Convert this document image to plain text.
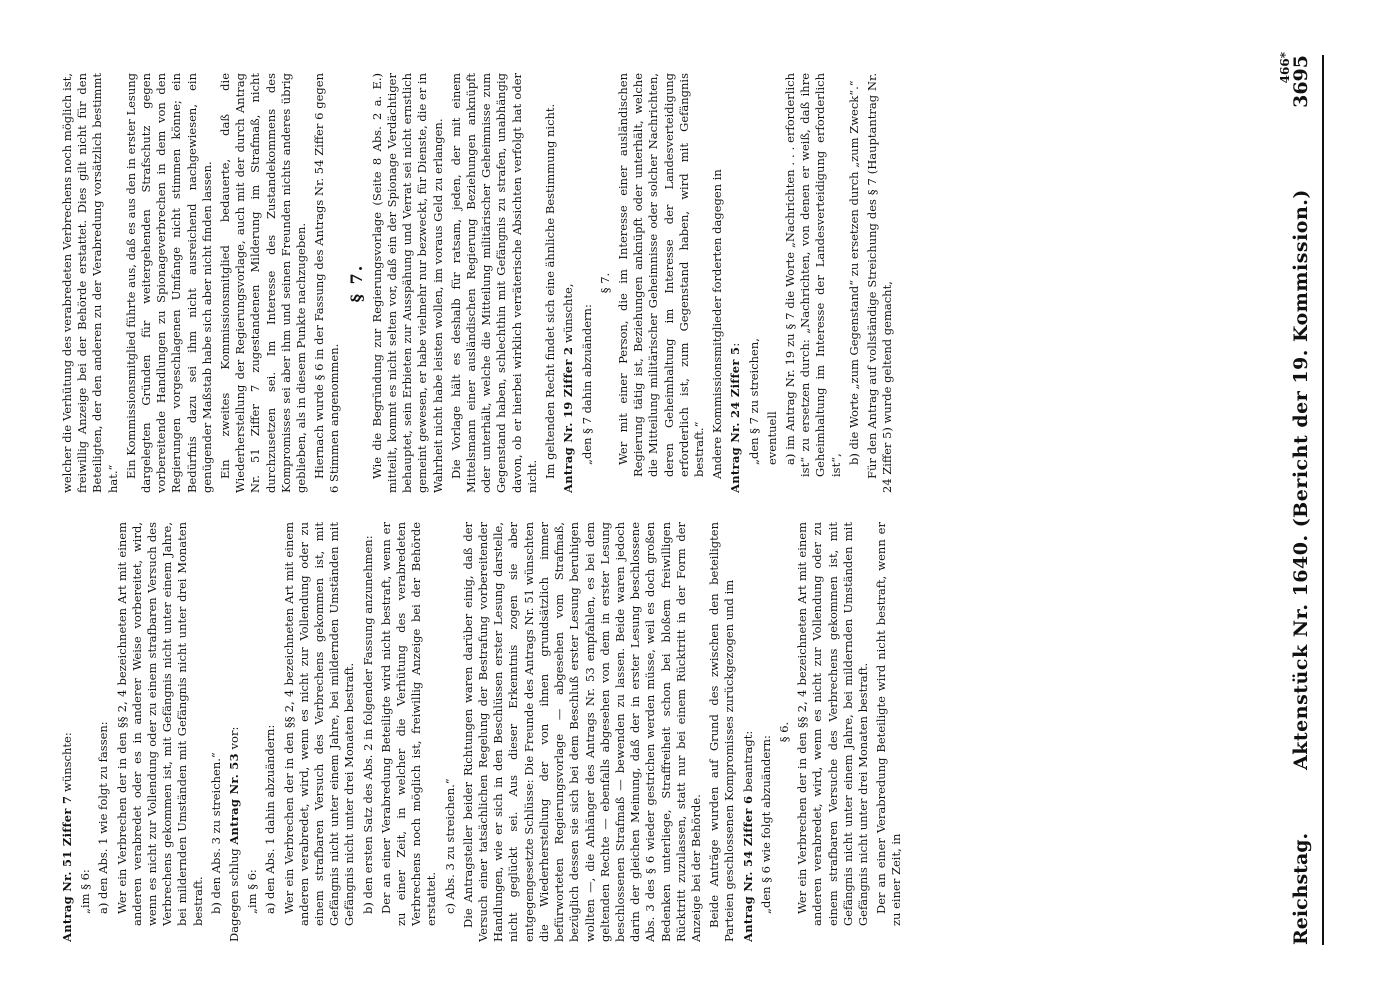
Reichstag.
Aktenstück Nr. 1640. (Bericht der 19. Kommission.)
3695

Antrag Nr. 51 Ziffer 7 wünschte:

„im § 6: a) den Abs. 1 wie folgt zu fassen: Wer ein Verbrechen der in den §§ 2, 4 bezeichneten Art mit einem anderen verabredet oder es in anderer Weise vorbereitet, wird, wenn es nicht zur Vollendung oder zu einem strafbaren Versuch des Verbrechens gekommen ist, mit Gefängnis nicht unter einem Jahre, bei mildernden Umständen mit Gefängnis nicht unter drei Monaten bestraft. b) den Abs. 3 zu streichen.“ Dagegen schlug Antrag Nr. 53 vor:

„im § 6: a) den Abs. 1 dahin abzuändern: Wer ein Verbrechen der in den §§ 2, 4 bezeichneten Art mit einem anderen verabredet, wird, wenn es nicht zur Vollendung oder zu einem strafbaren Versuch des Verbrechens gekommen ist, mit Gefängnis nicht unter einem Jahre, bei mildernden Umständen mit Gefängnis nicht unter drei Monaten bestraft. b) den ersten Satz des Abs. 2 in folgender Fassung anzunehmen: Der an einer Verabredung Beteiligte wird nicht bestraft, wenn er zu einer Zeit, in welcher die Verhütung des verabredeten Verbrechens noch möglich ist, freiwillig Anzeige bei der Behörde erstattet. c) Abs. 3 zu streichen.“ Die Antragsteller beider Richtungen waren darüber einig, daß der Versuch einer tatsächlichen Regelung der Bestrafung vorbereitender Handlungen, wie er sich in den Beschlüssen erster Lesung darstelle, nicht geglückt sei. Aus dieser Erkenntnis zogen sie aber entgegengesetzte Schlüsse: Die Freunde des Antrags Nr. 51 wünschten die Wiederherstellung der von ihnen grundsätzlich immer befürworteten Regierungsvorlage — abgesehen vom Strafmaß, bezüglich dessen sie sich bei dem Beschluß erster Lesung beruhigen wollten —, die Anhänger des Antrags Nr. 53 empfahlen, es bei dem geltenden Rechte — ebenfalls abgesehen von dem in erster Lesung beschlossenen Strafmaß — bewenden zu lassen. Beide waren jedoch darin der gleichen Meinung, daß der in erster Lesung beschlossene Abs. 3 des § 6 wieder gestrichen werden müsse, weil es doch großen Bedenken unterliege, Straffreiheit schon bei bloßem freiwilligen Rücktritt zuzulassen, statt nur bei einem Rücktritt in der Form der Anzeige bei der Behörde. Beide Anträge wurden auf Grund des zwischen den beteiligten Parteien geschlossenen Kompromisses zurückgezogen und im Antrag Nr. 54 Ziffer 6 beantragt: „den § 6 wie folgt abzuändern:

§ 6. Wer ein Verbrechen der in den §§ 2, 4 bezeichneten Art mit einem anderen verabredet, wird, wenn es nicht zur Vollendung oder zu einem strafbaren Versuche des Verbrechens gekommen ist, mit Gefängnis nicht unter einem Jahre, bei mildernden Umständen mit Gefängnis nicht unter drei Monaten bestraft. Der an einer Verabredung Beteiligte wird nicht bestraft, wenn er zu einer Zeit, in

welcher die Verhütung des verabredeten Verbrechens noch möglich ist, freiwillig Anzeige bei der Behörde erstattet. Dies gilt nicht für den Beteiligten, der den anderen zu der Verabredung vorsätzlich bestimmt hat.“ Ein Kommissionsmitglied führte aus, daß es aus den in erster Lesung dargelegten Gründen für weitergehenden Strafschutz gegen vorbereitende Handlungen zu Spionageverbrechen in dem von den Regierungen vorgeschlagenen Umfange nicht stimmen könne; ein Bedürfnis dazu sei ihm nicht ausreichend nachgewiesen, ein genügender Maßstab habe sich aber nicht finden lassen. Ein zweites Kommissionsmitglied bedauerte, daß die Wiederherstellung der Regierungsvorlage, auch mit der durch Antrag Nr. 51 Ziffer 7 zugestandenen Milderung im Strafmaß, nicht durchzusetzen sei. Im Interesse des Zustandekommens des Kompromisses sei aber ihm und seinen Freunden nichts anderes übrig geblieben, als in diesem Punkte nachzugeben. Hiernach wurde § 6 in der Fassung des Antrags Nr. 54 Ziffer 6 gegen 6 Stimmen angenommen.

§ 7. Wie die Begründung zur Regierungsvorlage (Seite 8 Abs. 2 a. E.) mitteilt, kommt es nicht selten vor, daß ein der Spionage Verdächtiger behauptet, sein Erbieten zur Ausspähung und Verrat sei nicht ernstlich gemeint gewesen, er habe vielmehr nur bezweckt, für Dienste, die er in Wahrheit nicht habe leisten wollen, im voraus Geld zu erlangen. Die Vorlage hält es deshalb für ratsam, jeden, der mit einem Mittelsmann einer ausländischen Regierung Beziehungen anknüpft oder unterhält, welche die Mitteilung militärischer Geheimnisse zum Gegenstand haben, schlechthin mit Gefängnis zu strafen, unabhängig davon, ob er hierbei wirklich verräterische Absichten verfolgt hat oder nicht. Im geltenden Recht findet sich eine ähnliche Bestimmung nicht. Antrag Nr. 19 Ziffer 2 wünschte, „den § 7 dahin abzuändern:

§ 7. Wer mit einer Person, die im Interesse einer ausländischen Regierung tätig ist, Beziehungen anknüpft oder unterhält, welche die Mitteilung militärischer Geheimnisse oder solcher Nachrichten, deren Geheimhaltung im Interesse der Landesverteidigung erforderlich ist, zum Gegenstand haben, wird mit Gefängnis bestraft.“ Andere Kommissionsmitglieder forderten dagegen in Antrag Nr. 24 Ziffer 5: „den § 7 zu streichen, eventuell a) im Antrag Nr. 19 zu § 7 die Worte „Nachrichten . . . erforderlich ist“ zu ersetzen durch: „Nachrichten, von denen er weiß, daß ihre Geheimhaltung im Interesse der Landesverteidigung erforderlich ist“,

b) die Worte „zum Gegenstand“ zu ersetzen durch „zum Zweck“.“ Für den Antrag auf vollständige Streichung des § 7 (Hauptantrag Nr. 24 Ziffer 5) wurde geltend gemacht,

466*
